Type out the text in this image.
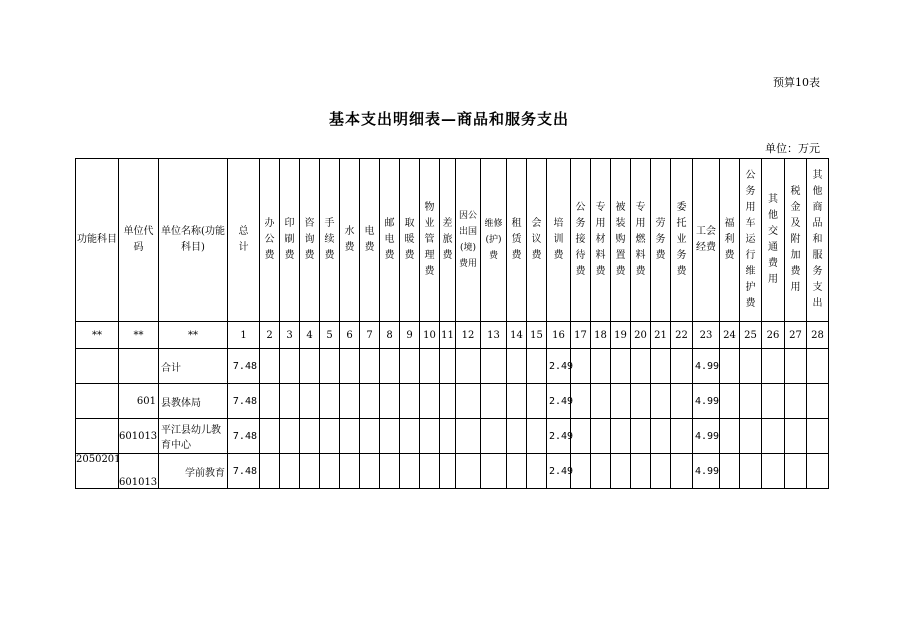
预算10表
基本支出明细表—商品和服务支出
单位：万元
功能科目	单位代码	单位名称(功能科目)	总计	办公费	印刷费	咨询费	手续费	水费	电费	邮电费	取暖费	物业管理费	差旅费	因公出国(境)费用	维修(护)费	租赁费	会议费	培训费	公务接待费	专用材料费	被装购置费	专用燃料费	劳务费	委托业务费	工会经费	福利费	公务用车运行维护费	其他交通费用	税金及附加费用	其他商品和服务支出
**	**	**	1	2	3	4	5	6	7	8	9	10	11	12	13	14	15	16	17	18	19	20	21	22	23	24	25	26	27	28
		合计	7.48															2.49							4.99					
	601	县教体局	7.48															2.49							4.99					
	601013	平江县幼儿教育中心	7.48															2.49							4.99					
2050201	601013	学前教育	7.48															2.49							4.99					
